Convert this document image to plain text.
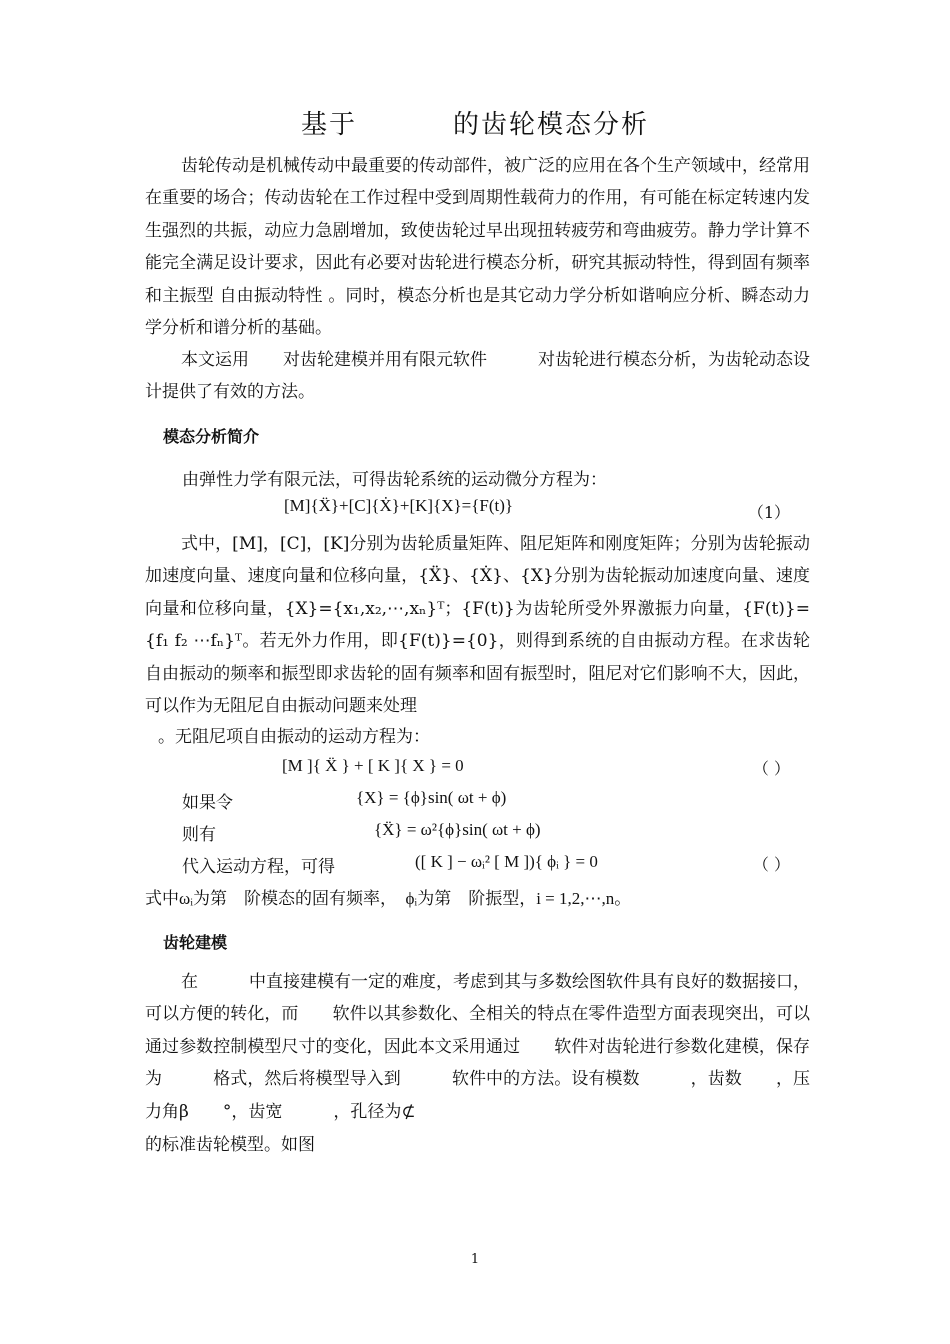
基于	的齿轮模态分析
齿轮传动是机械传动中最重要的传动部件，被广泛的应用在各个生产领域中，经常用在重要的场合；传动齿轮在工作过程中受到周期性载荷力的作用，有可能在标定转速内发生强烈的共振，动应力急剧增加，致使齿轮过早出现扭转疲劳和弯曲疲劳。静力学计算不能完全满足设计要求，因此有必要对齿轮进行模态分析，研究其振动特性，得到固有频率和主振型 自由振动特性 。同时，模态分析也是其它动力学分析如谐响应分析、瞬态动力学分析和谱分析的基础。
本文运用　　对齿轮建模并用有限元软件　　　对齿轮进行模态分析，为齿轮动态设计提供了有效的方法。
模态分析简介
由弹性力学有限元法，可得齿轮系统的运动微分方程为：
[M]{Ẍ}+[C]{Ẋ}+[K]{X}={F(t)}	（1）
式中，[M]，[C]，[K]分别为齿轮质量矩阵、阻尼矩阵和刚度矩阵；分别为齿轮振动加速度向量、速度向量和位移向量，{Ẍ}、{Ẋ}、{X}分别为齿轮振动加速度向量、速度向量和位移向量，{X}={x₁,x₂,⋯,xₙ}ᵀ；{F(t)}为齿轮所受外界激振力向量，{F(t)}={f₁ f₂ ⋯fₙ}ᵀ。若无外力作用，即{F(t)}={0}，则得到系统的自由振动方程。在求齿轮自由振动的频率和振型即求齿轮的固有频率和固有振型时，阻尼对它们影响不大，因此，可以作为无阻尼自由振动问题来处理
。无阻尼项自由振动的运动方程为：
[M ]{ Ẍ } + [ K ]{ X } = 0	（ ）
如果令	{X} = {ϕ}sin( ωt + ϕ)
则有	{Ẍ} = ω²{ϕ}sin( ωt + ϕ)
代入运动方程，可得	([ K ] − ωᵢ² [ M ]){ ϕᵢ } = 0	（ ）
式中ωᵢ为第　阶模态的固有频率，　ϕᵢ为第　阶振型，i = 1,2,⋯,n。
齿轮建模
在　　　中直接建模有一定的难度，考虑到其与多数绘图软件具有良好的数据接口，可以方便的转化，而　　软件以其参数化、全相关的特点在零件造型方面表现突出，可以通过参数控制模型尺寸的变化，因此本文采用通过　　软件对齿轮进行参数化建模，保存为　　　格式，然后将模型导入到　　　软件中的方法。设有模数　　　，齿数　　，压力角β　　°，齿宽　　　，孔径为⊄
的标准齿轮模型。如图
1
